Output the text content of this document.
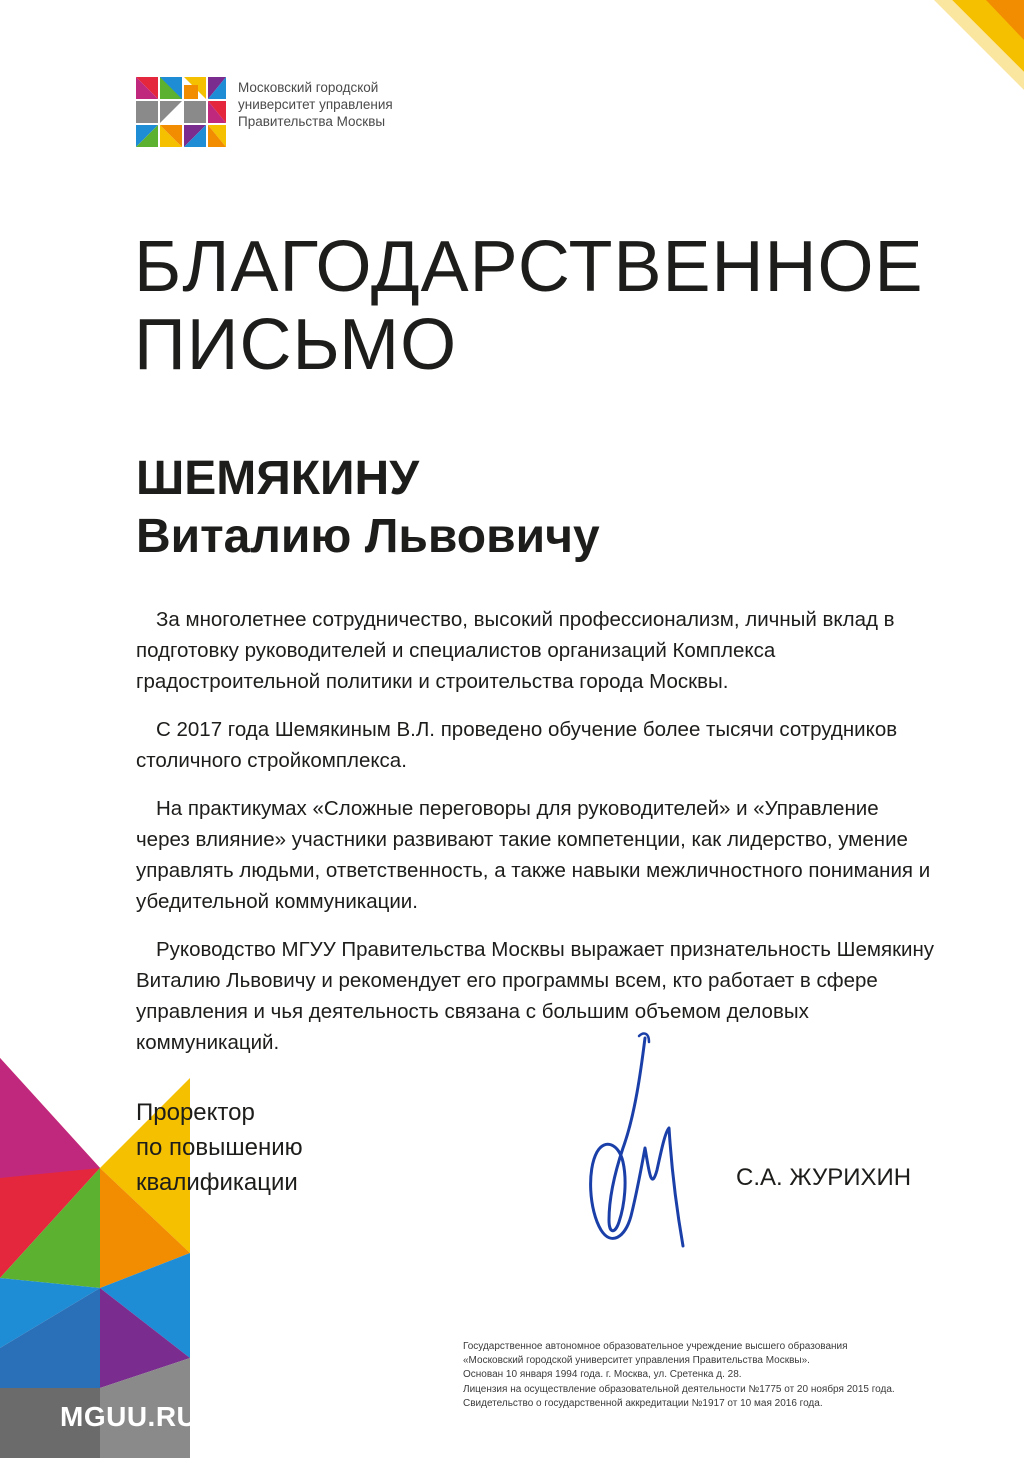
Московский городской
университет управления
Правительства Москвы
БЛАГОДАРСТВЕННОЕ
ПИСЬМО
ШЕМЯКИНУ
Виталию Львовичу

За многолетнее сотрудничество, высокий профессионализм, личный вклад в подготовку руководителей и специалистов организаций Комплекса градостроительной политики и строительства города Москвы.

С 2017 года Шемякиным В.Л. проведено обучение более тысячи сотрудников столичного стройкомплекса.

На практикумах «Сложные переговоры для руководителей» и «Управление через влияние» участники развивают такие компетенции, как лидерство, умение управлять людьми, ответственность, а также навыки межличностного понимания и убедительной коммуникации.

Руководство МГУУ Правительства Москвы выражает признательность Шемякину Виталию Львовичу и рекомендует его программы всем, кто работает в сфере управления и чья деятельность связана с большим объемом деловых коммуникаций.

Проректор
по повышению
квалификации	С.А. ЖУРИХИН
Государственное автономное образовательное учреждение высшего образования
«Московский городской университет управления Правительства Москвы».
Основан 10 января 1994 года. г. Москва, ул. Сретенка д. 28.
Лицензия на осуществление образовательной деятельности №1775 от 20 ноября 2015 года.
Свидетельство о государственной аккредитации №1917 от 10 мая 2016 года.
MGUU.RU
